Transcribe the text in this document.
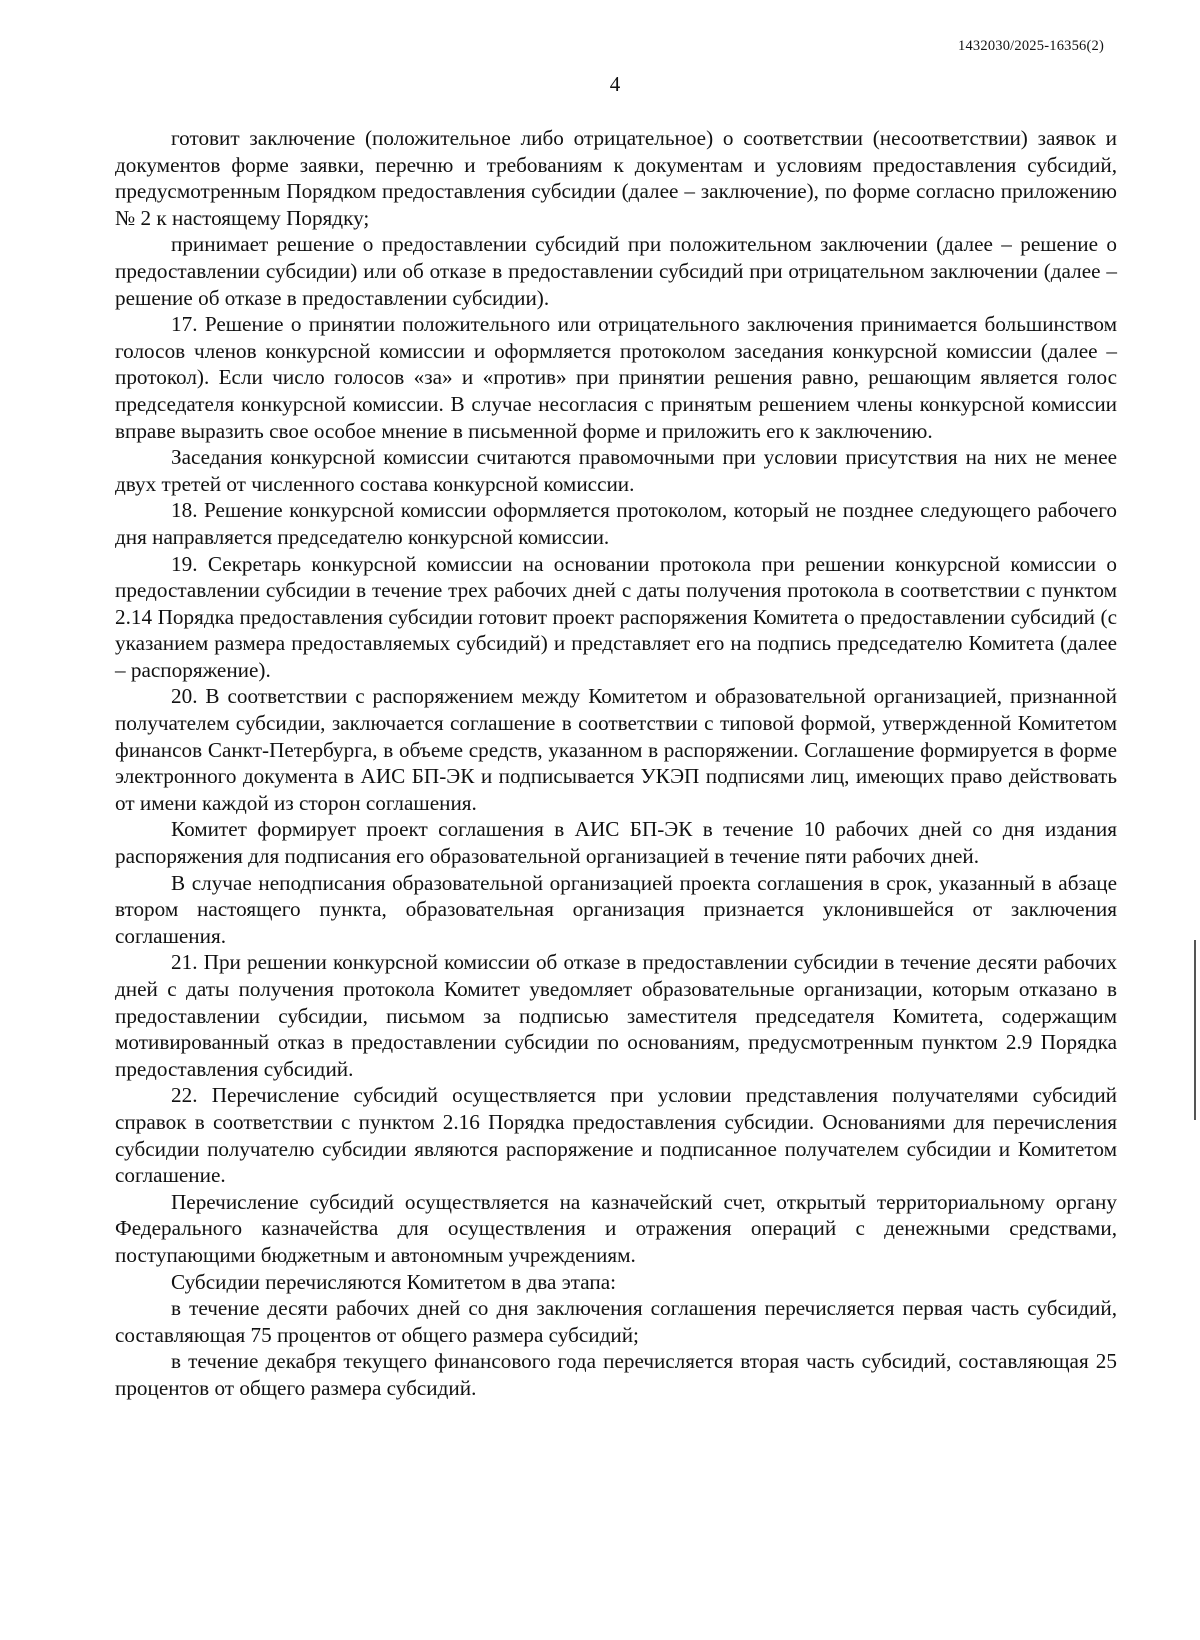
1432030/2025-16356(2)
4

готовит заключение (положительное либо отрицательное) о соответствии (несоответствии) заявок и документов форме заявки, перечню и требованиям к документам и условиям предоставления субсидий, предусмотренным Порядком предоставления субсидии (далее – заключение), по форме согласно приложению № 2 к настоящему Порядку;

принимает решение о предоставлении субсидий при положительном заключении (далее – решение о предоставлении субсидии) или об отказе в предоставлении субсидий при отрицательном заключении (далее – решение об отказе в предоставлении субсидии).

17. Решение о принятии положительного или отрицательного заключения принимается большинством голосов членов конкурсной комиссии и оформляется протоколом заседания конкурсной комиссии (далее – протокол). Если число голосов «за» и «против» при принятии решения равно, решающим является голос председателя конкурсной комиссии. В случае несогласия с принятым решением члены конкурсной комиссии вправе выразить свое особое мнение в письменной форме и приложить его к заключению.

Заседания конкурсной комиссии считаются правомочными при условии присутствия на них не менее двух третей от численного состава конкурсной комиссии.

18. Решение конкурсной комиссии оформляется протоколом, который не позднее следующего рабочего дня направляется председателю конкурсной комиссии.

19. Секретарь конкурсной комиссии на основании протокола при решении конкурсной комиссии о предоставлении субсидии в течение трех рабочих дней с даты получения протокола в соответствии с пунктом 2.14 Порядка предоставления субсидии готовит проект распоряжения Комитета о предоставлении субсидий (с указанием размера предоставляемых субсидий) и представляет его на подпись председателю Комитета (далее – распоряжение).

20. В соответствии с распоряжением между Комитетом и образовательной организацией, признанной получателем субсидии, заключается соглашение в соответствии с типовой формой, утвержденной Комитетом финансов Санкт-Петербурга, в объеме средств, указанном в распоряжении. Соглашение формируется в форме электронного документа в АИС БП-ЭК и подписывается УКЭП подписями лиц, имеющих право действовать от имени каждой из сторон соглашения.

Комитет формирует проект соглашения в АИС БП-ЭК в течение 10 рабочих дней со дня издания распоряжения для подписания его образовательной организацией в течение пяти рабочих дней.

В случае неподписания образовательной организацией проекта соглашения в срок, указанный в абзаце втором настоящего пункта, образовательная организация признается уклонившейся от заключения соглашения.

21. При решении конкурсной комиссии об отказе в предоставлении субсидии в течение десяти рабочих дней с даты получения протокола Комитет уведомляет образовательные организации, которым отказано в предоставлении субсидии, письмом за подписью заместителя председателя Комитета, содержащим мотивированный отказ в предоставлении субсидии по основаниям, предусмотренным пунктом 2.9 Порядка предоставления субсидий.

22. Перечисление субсидий осуществляется при условии представления получателями субсидий справок в соответствии с пунктом 2.16 Порядка предоставления субсидии. Основаниями для перечисления субсидии получателю субсидии являются распоряжение и подписанное получателем субсидии и Комитетом соглашение.

Перечисление субсидий осуществляется на казначейский счет, открытый территориальному органу Федерального казначейства для осуществления и отражения операций с денежными средствами, поступающими бюджетным и автономным учреждениям.

Субсидии перечисляются Комитетом в два этапа:

в течение десяти рабочих дней со дня заключения соглашения перечисляется первая часть субсидий, составляющая 75 процентов от общего размера субсидий;

в течение декабря текущего финансового года перечисляется вторая часть субсидий, составляющая 25 процентов от общего размера субсидий.
